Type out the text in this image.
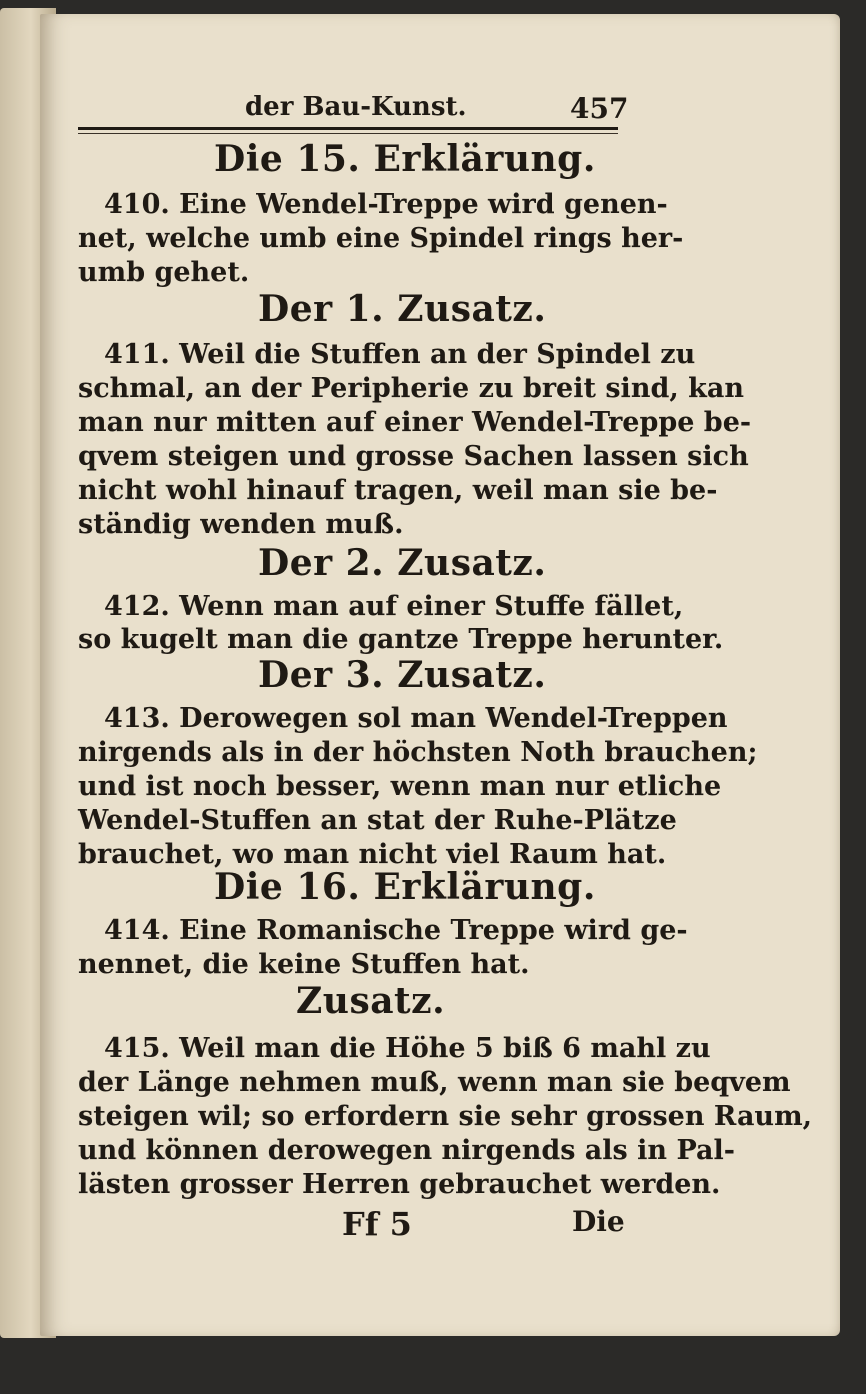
der Bau-Kunst.	457
Die 15. Erklärung.
410. Eine Wendel-Treppe wird genen-
net, welche umb eine Spindel rings her-
umb gehet.
Der 1. Zusatz.
411. Weil die Stuffen an der Spindel zu
schmal, an der Peripherie zu breit sind, kan
man nur mitten auf einer Wendel-Treppe be-
qvem steigen und grosse Sachen lassen sich
nicht wohl hinauf tragen, weil man sie be-
ständig wenden muß.
Der 2. Zusatz.
412. Wenn man auf einer Stuffe fället,
so kugelt man die gantze Treppe herunter.
Der 3. Zusatz.
413. Derowegen sol man Wendel-Treppen
nirgends als in der höchsten Noth brauchen;
und ist noch besser, wenn man nur etliche
Wendel-Stuffen an stat der Ruhe-Plätze
brauchet, wo man nicht viel Raum hat.
Die 16. Erklärung.
414. Eine Romanische Treppe wird ge-
nennet, die keine Stuffen hat.
Zusatz.
415. Weil man die Höhe 5 biß 6 mahl zu
der Länge nehmen muß, wenn man sie beqvem
steigen wil; so erfordern sie sehr grossen Raum,
und können derowegen nirgends als in Pal-
lästen grosser Herren gebrauchet werden.
Ff 5	Die
